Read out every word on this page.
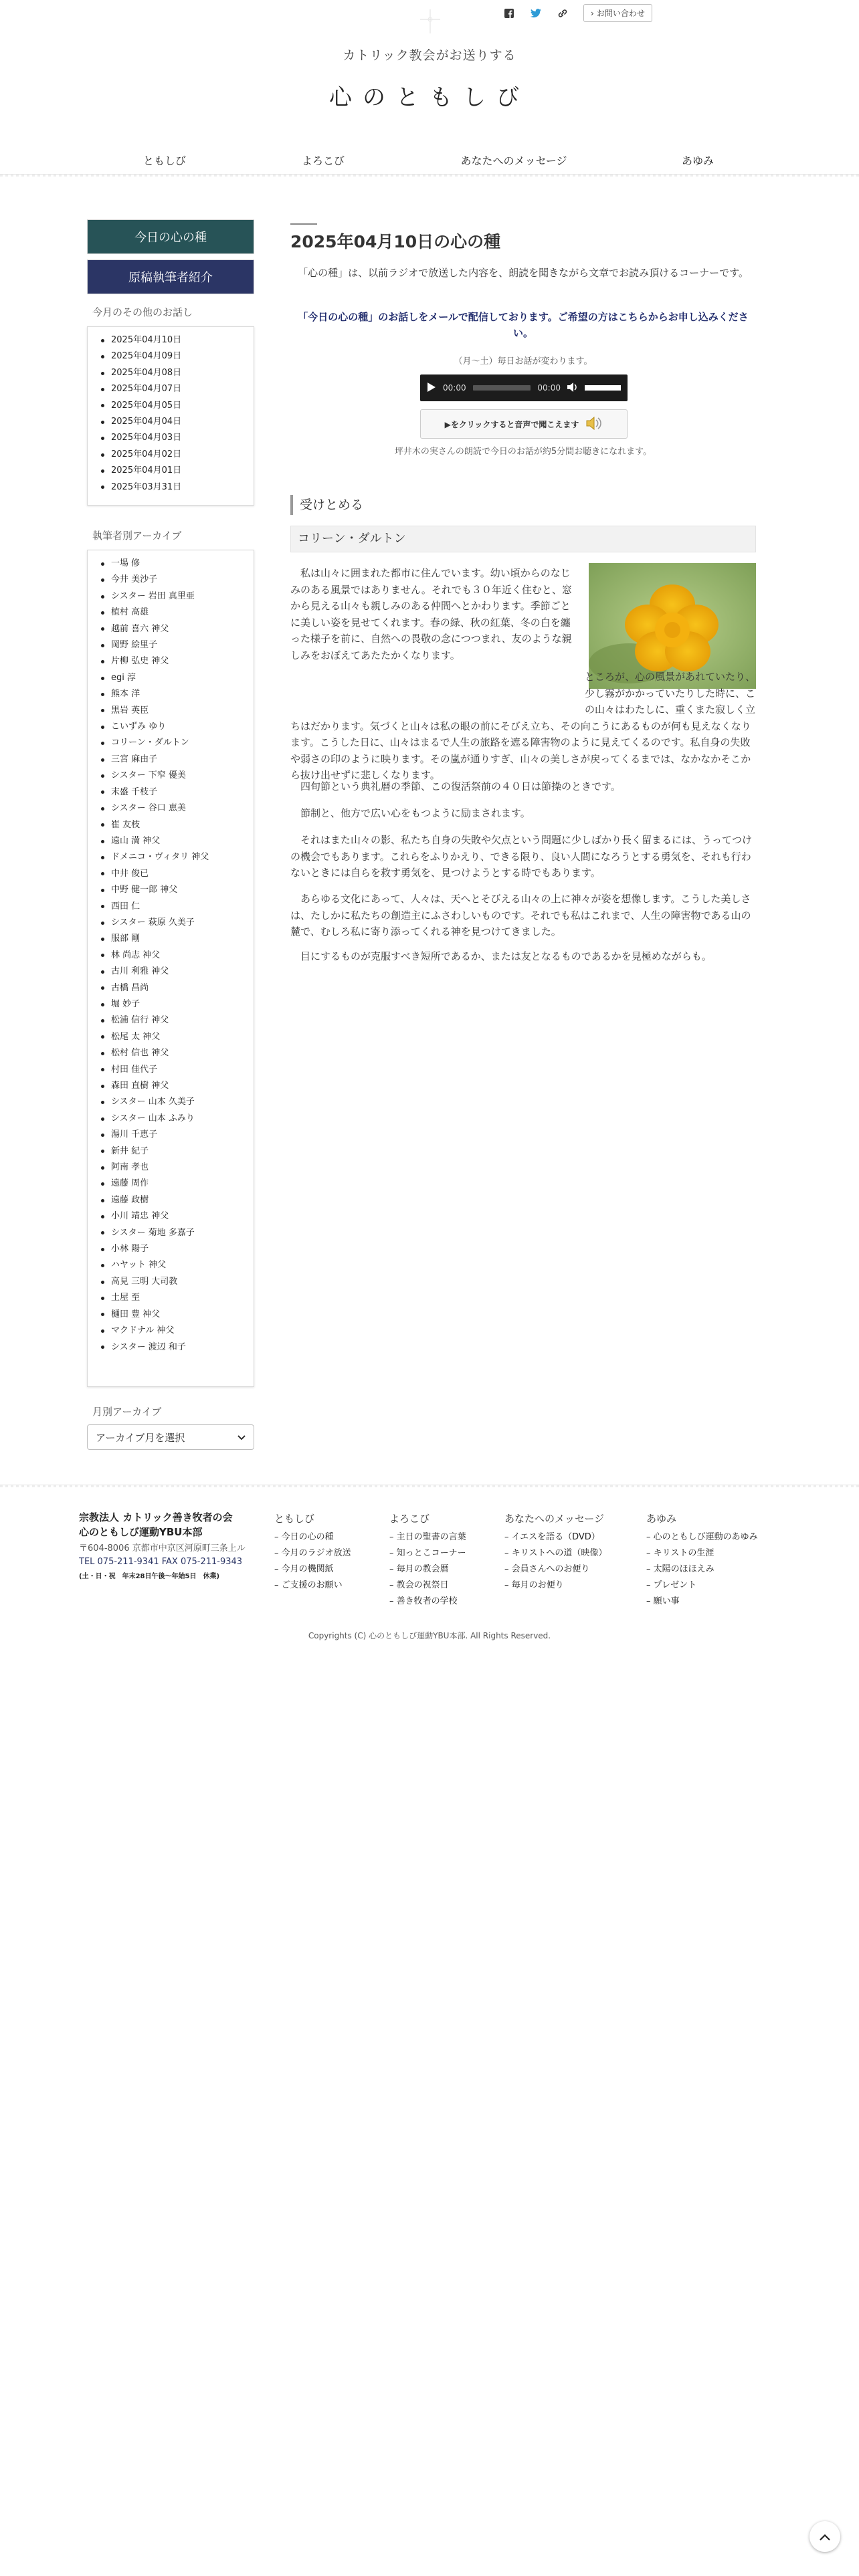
› お問い合わせ
カトリック教会がお送りする
心のともしび
ともしび	よろこび	あなたへのメッセージ	あゆみ
今日の心の種
原稿執筆者紹介
今月のその他のお話し
2025年04月10日
2025年04月09日
2025年04月08日
2025年04月07日
2025年04月05日
2025年04月04日
2025年04月03日
2025年04月02日
2025年04月01日
2025年03月31日
執筆者別アーカイブ
一場 修
今井 美沙子
シスター 岩田 真里亜
植村 高雄
越前 喜六 神父
岡野 絵里子
片柳 弘史 神父
egi 淳
熊本 洋
黒岩 英臣
こいずみ ゆり
コリーン・ダルトン
三宮 麻由子
シスター 下窄 優美
末盛 千枝子
シスター 谷口 恵美
崔 友枝
遠山 満 神父
ドメニコ・ヴィタリ 神父
中井 俊已
中野 健一郎 神父
西田 仁
シスター 萩原 久美子
服部 剛
林 尚志 神父
古川 利雅 神父
古橋 昌尚
堀 妙子
松浦 信行 神父
松尾 太 神父
松村 信也 神父
村田 佳代子
森田 直樹 神父
シスター 山本 久美子
シスター 山本 ふみり
湯川 千恵子
新井 紀子
阿南 孝也
遠藤 周作
遠藤 政樹
小川 靖忠 神父
シスター 菊地 多嘉子
小林 陽子
ハヤット 神父
高見 三明 大司教
土屋 至
樋田 豊 神父
マクドナル 神父
シスター 渡辺 和子
月別アーカイブ
アーカイブ月を選択
2025年04月10日の心の種

「心の種」は、以前ラジオで放送した内容を、朗読を聞きながら文章でお読み頂けるコーナーです。

「今日の心の種」のお話しをメールで配信しております。ご希望の方はこちらからお申し込みください。

（月〜土）毎日お話が変わります。

00:00	00:00
▶をクリックすると音声で聞こえます

坪井木の実さんの朗読で今日のお話が約5分間お聴きになれます。

受けとめる
コリーン・ダルトン

私は山々に囲まれた都市に住んでいます。幼い頃からのなじみのある風景ではありません。それでも３０年近く住むと、窓から見える山々も親しみのある仲間へとかわります。季節ごとに美しい姿を見せてくれます。春の緑、秋の紅葉、冬の白を纏った様子を前に、自然への畏敬の念につつまれ、友のような親しみをおぼえてあたたかくなります。

ところが、心の風景があれていたり、少し霧がかかっていたりした時に、この山々はわたしに、重くまた寂しく立ちはだかります。気づくと山々は私の眼の前にそびえ立ち、その向こうにあるものが何も見えなくなります。こうした日に、山々はまるで人生の旅路を遮る障害物のように見えてくるのです。私自身の失敗や弱さの印のように映ります。その嵐が通りすぎ、山々の美しさが戻ってくるまでは、なかなかそこから抜け出せずに悲しくなります。

四旬節という典礼暦の季節、この復活祭前の４０日は節操のときです。

節制と、他方で広い心をもつように励まされます。

それはまた山々の影、私たち自身の失敗や欠点という問題に少しばかり長く留まるには、うってつけの機会でもあります。これらをふりかえり、できる限り、良い人間になろうとする勇気を、それも行わないときには自らを救す勇気を、見つけようとする時でもあります。

あらゆる文化にあって、人々は、天へとそびえる山々の上に神々が姿を想像します。こうした美しさは、たしかに私たちの創造主にふさわしいものです。それでも私はこれまで、人生の障害物である山の麓で、むしろ私に寄り添ってくれる神を見つけてきました。

目にするものが克服すべき短所であるか、または友となるものであるかを見極めながらも。

宗教法人 カトリック善き牧者の会
心のともしび運動YBU本部
〒604-8006 京都市中京区河原町三条上ル
TEL 075-211-9341 FAX 075-211-9343
(土・日・祝　年末28日午後〜年始5日　休業)
ともしび
– 今日の心の種
– 今月のラジオ放送
– 今月の機関紙
– ご支援のお願い
よろこび
– 主日の聖書の言葉
– 知っとこコーナー
– 毎月の教会暦
– 教会の祝祭日
– 善き牧者の学校
あなたへのメッセージ
– イエスを語る（DVD）
– キリストへの道（映像）
– 会員さんへのお便り
– 毎月のお便り
あゆみ
– 心のともしび運動のあゆみ
– キリストの生涯
– 太陽のほほえみ
– プレゼント
– 願い事
Copyrights (C) 心のともしび運動YBU本部. All Rights Reserved.
